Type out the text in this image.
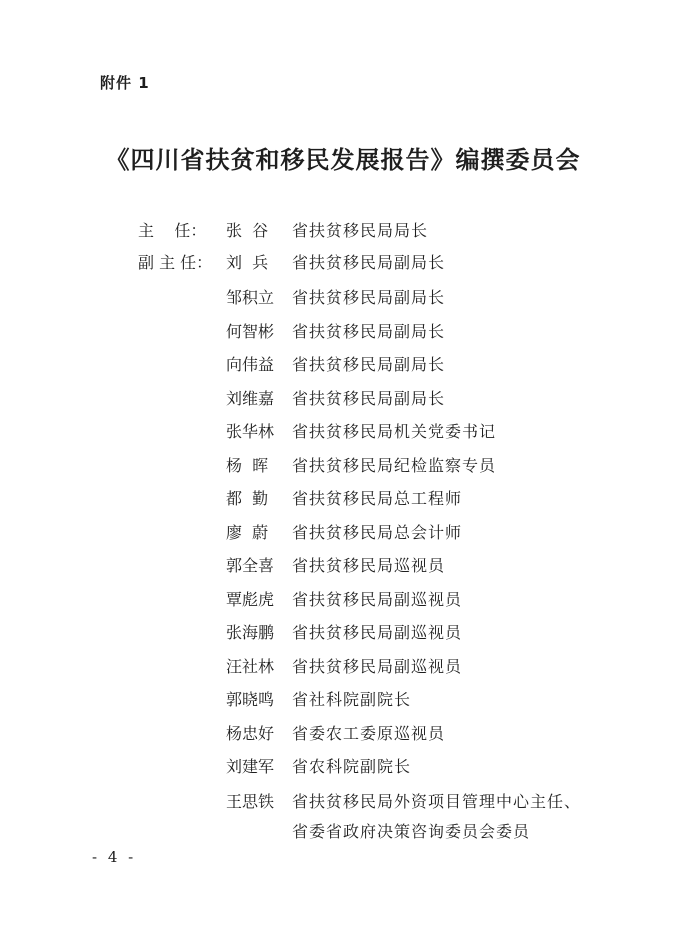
附件 1
《四川省扶贫和移民发展报告》编撰委员会
主    任：	张  谷	省扶贫移民局局长
副 主 任： 刘  兵	省扶贫移民局副局长
邹积立	省扶贫移民局副局长
何智彬	省扶贫移民局副局长
向伟益	省扶贫移民局副局长
刘维嘉	省扶贫移民局副局长
张华林	省扶贫移民局机关党委书记
杨  晖	省扶贫移民局纪检监察专员
都  勤	省扶贫移民局总工程师
廖  蔚	省扶贫移民局总会计师
郭全喜	省扶贫移民局巡视员
覃彪虎	省扶贫移民局副巡视员
张海鹏	省扶贫移民局副巡视员
汪社林	省扶贫移民局副巡视员
郭晓鸣	省社科院副院长
杨忠好	省委农工委原巡视员
刘建军	省农科院副院长
王思铁	省扶贫移民局外资项目管理中心主任、
省委省政府决策咨询委员会委员
- 4 -
